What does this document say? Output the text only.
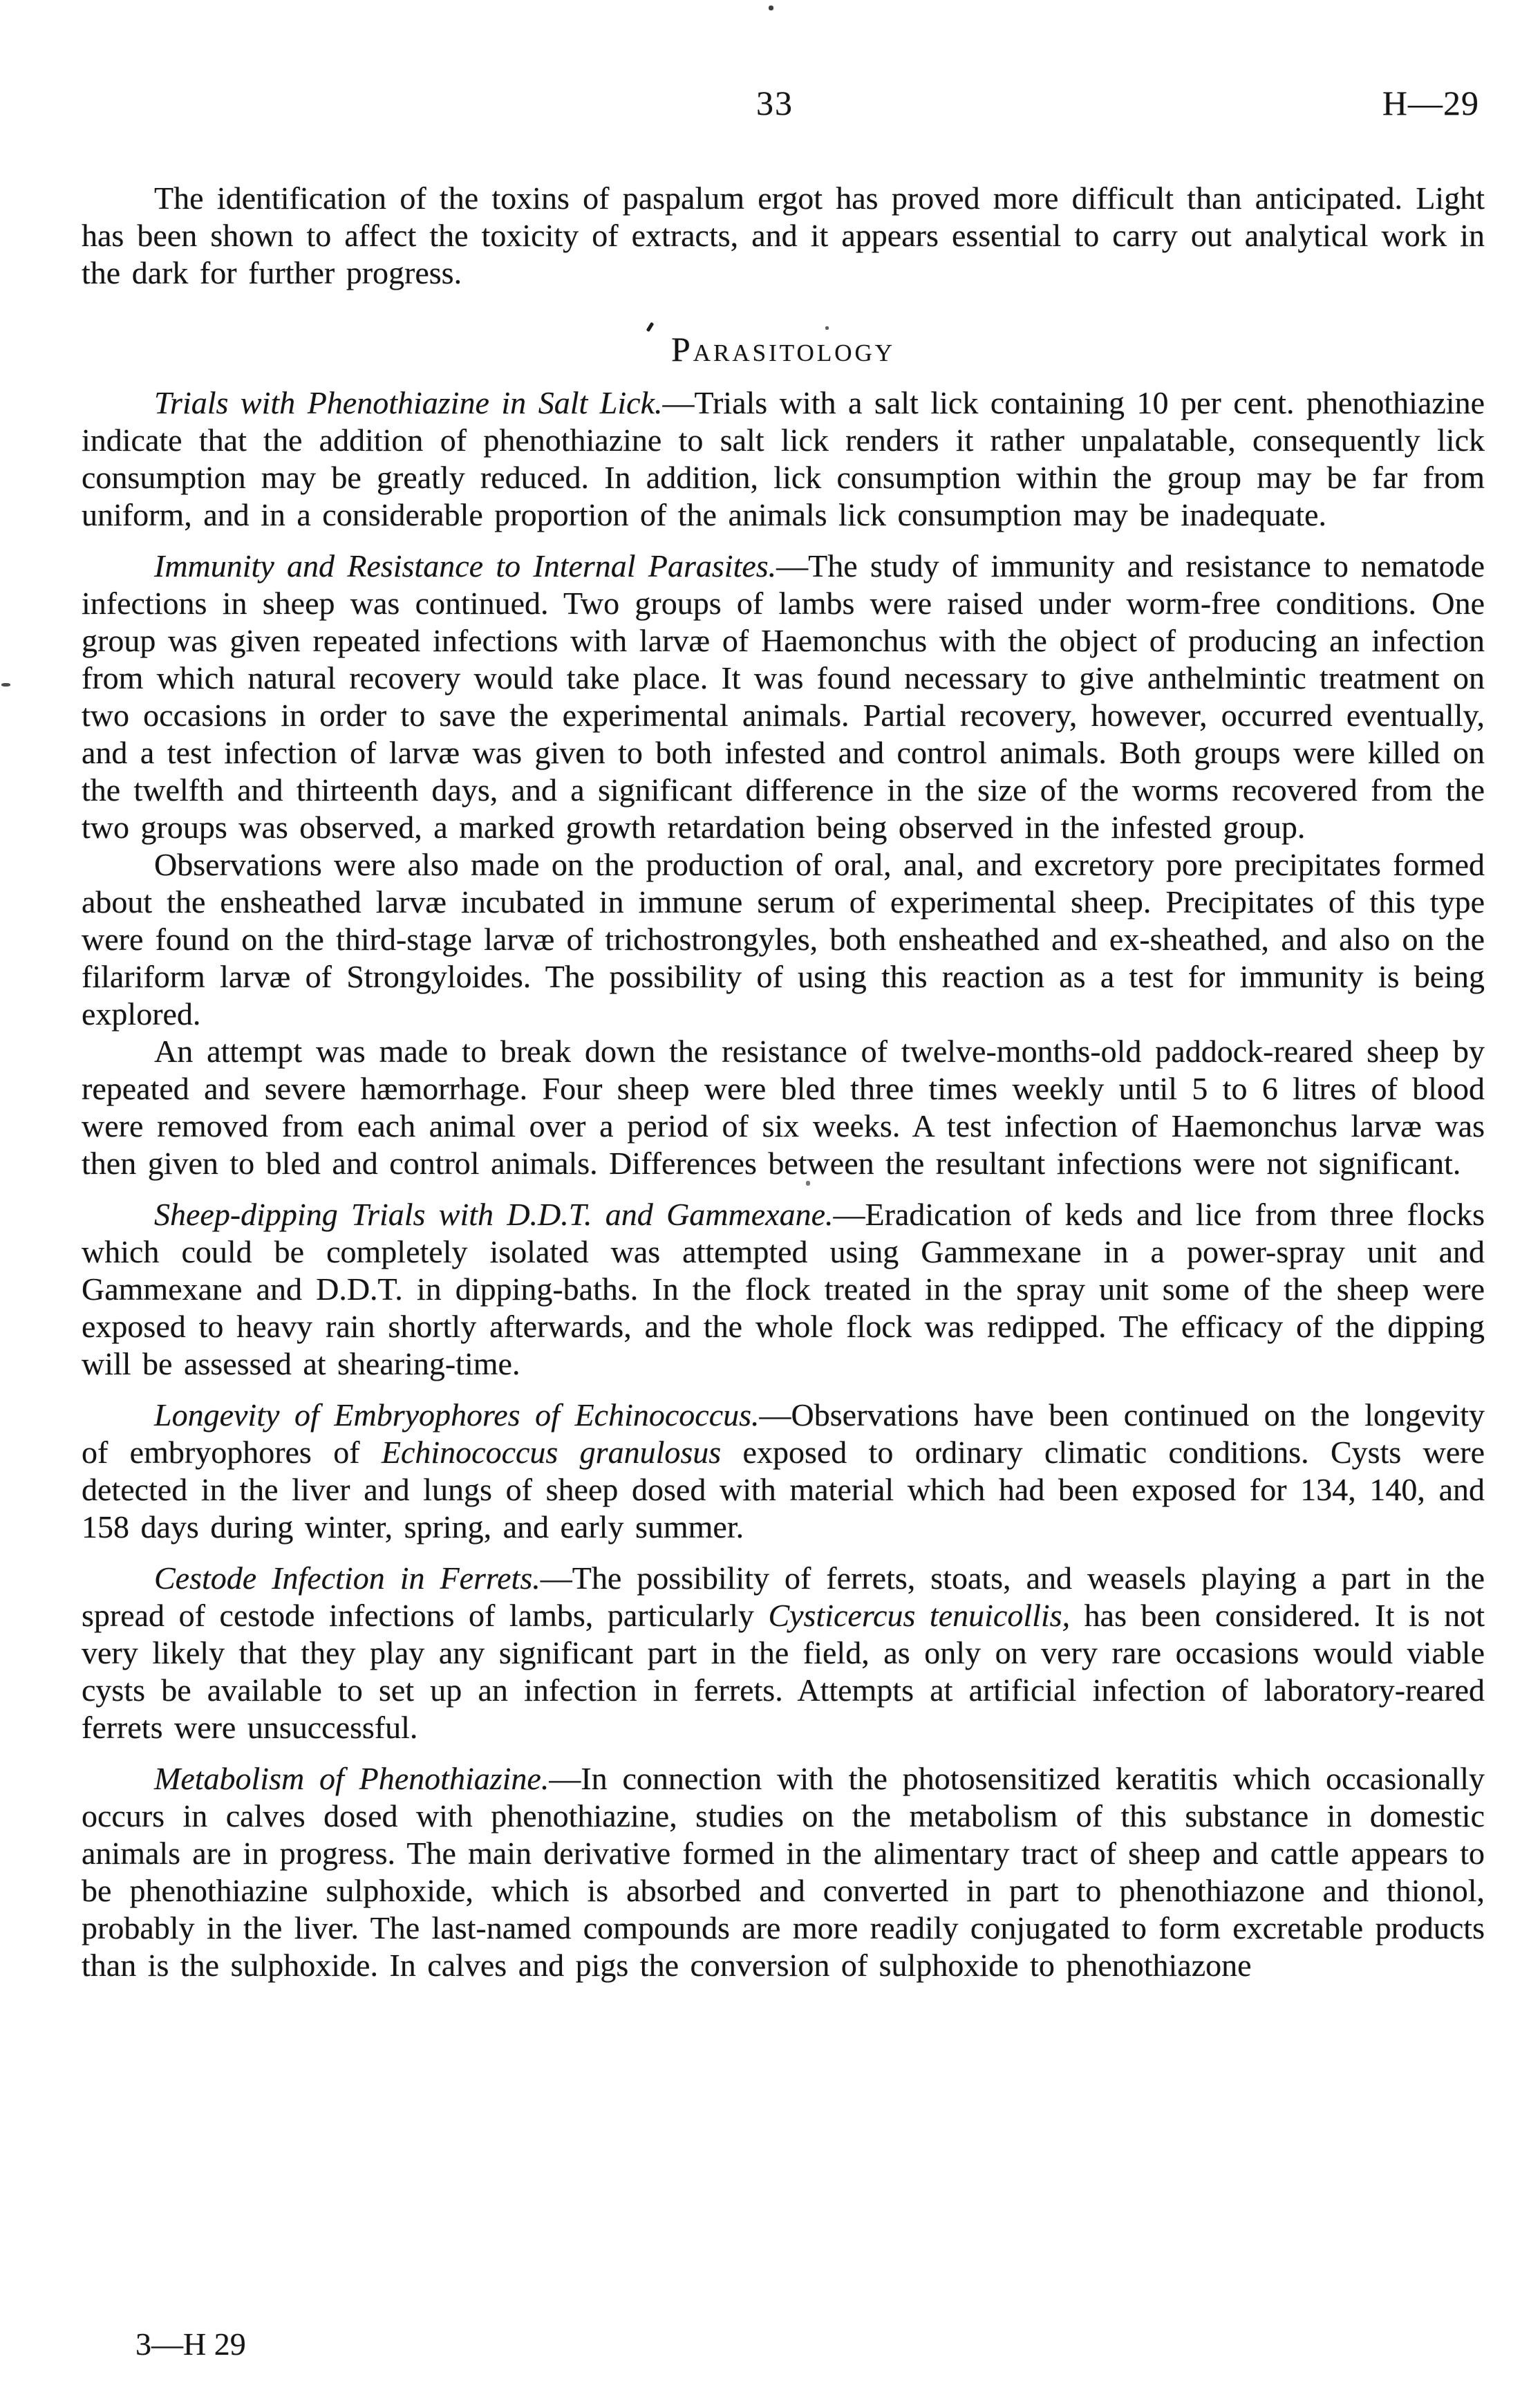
33	H—29

The identification of the toxins of paspalum ergot has proved more difficult than anticipated. Light has been shown to affect the toxicity of extracts, and it appears essential to carry out analytical work in the dark for further progress.

Parasitology

Trials with Phenothiazine in Salt Lick.—Trials with a salt lick containing 10 per cent. phenothiazine indicate that the addition of phenothiazine to salt lick renders it rather unpalatable, consequently lick consumption may be greatly reduced. In addition, lick consumption within the group may be far from uniform, and in a considerable proportion of the animals lick consumption may be inadequate.

Immunity and Resistance to Internal Parasites.—The study of immunity and resistance to nematode infections in sheep was continued. Two groups of lambs were raised under worm-free conditions. One group was given repeated infections with larvæ of Haemonchus with the object of producing an infection from which natural recovery would take place. It was found necessary to give anthelmintic treatment on two occasions in order to save the experimental animals. Partial recovery, however, occurred eventually, and a test infection of larvæ was given to both infested and control animals. Both groups were killed on the twelfth and thirteenth days, and a significant difference in the size of the worms recovered from the two groups was observed, a marked growth retardation being observed in the infested group.

Observations were also made on the production of oral, anal, and excretory pore precipitates formed about the ensheathed larvæ incubated in immune serum of experimental sheep. Precipitates of this type were found on the third-stage larvæ of trichostrongyles, both ensheathed and ex-sheathed, and also on the filariform larvæ of Strongyloides. The possibility of using this reaction as a test for immunity is being explored.

An attempt was made to break down the resistance of twelve-months-old paddock-reared sheep by repeated and severe hæmorrhage. Four sheep were bled three times weekly until 5 to 6 litres of blood were removed from each animal over a period of six weeks. A test infection of Haemonchus larvæ was then given to bled and control animals. Differences between the resultant infections were not significant.

Sheep-dipping Trials with D.D.T. and Gammexane.—Eradication of keds and lice from three flocks which could be completely isolated was attempted using Gammexane in a power-spray unit and Gammexane and D.D.T. in dipping-baths. In the flock treated in the spray unit some of the sheep were exposed to heavy rain shortly afterwards, and the whole flock was redipped. The efficacy of the dipping will be assessed at shearing-time.

Longevity of Embryophores of Echinococcus.—Observations have been continued on the longevity of embryophores of Echinococcus granulosus exposed to ordinary climatic conditions. Cysts were detected in the liver and lungs of sheep dosed with material which had been exposed for 134, 140, and 158 days during winter, spring, and early summer.

Cestode Infection in Ferrets.—The possibility of ferrets, stoats, and weasels playing a part in the spread of cestode infections of lambs, particularly Cysticercus tenuicollis, has been considered. It is not very likely that they play any significant part in the field, as only on very rare occasions would viable cysts be available to set up an infection in ferrets. Attempts at artificial infection of laboratory-reared ferrets were unsuccessful.

Metabolism of Phenothiazine.—In connection with the photosensitized keratitis which occasionally occurs in calves dosed with phenothiazine, studies on the metabolism of this substance in domestic animals are in progress. The main derivative formed in the alimentary tract of sheep and cattle appears to be phenothiazine sulphoxide, which is absorbed and converted in part to phenothiazone and thionol, probably in the liver. The last-named compounds are more readily conjugated to form excretable products than is the sulphoxide. In calves and pigs the conversion of sulphoxide to phenothiazone

3—H 29
